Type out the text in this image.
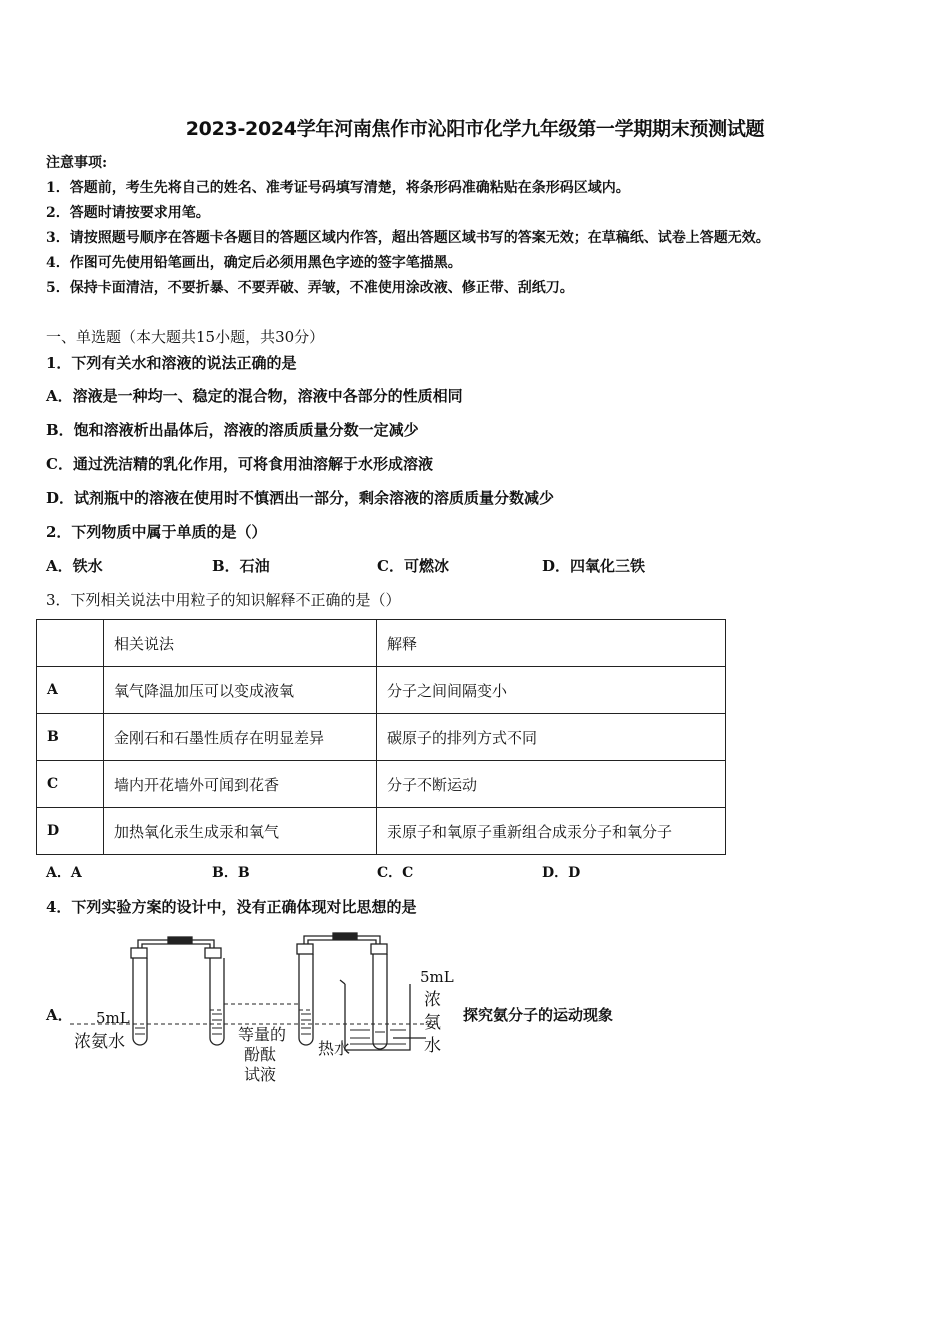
2023-2024学年河南焦作市沁阳市化学九年级第一学期期末预测试题
注意事项:
1．答题前，考生先将自己的姓名、准考证号码填写清楚，将条形码准确粘贴在条形码区域内。
2．答题时请按要求用笔。
3．请按照题号顺序在答题卡各题目的答题区域内作答，超出答题区域书写的答案无效；在草稿纸、试卷上答题无效。
4．作图可先使用铅笔画出，确定后必须用黑色字迹的签字笔描黑。
5．保持卡面清洁，不要折暴、不要弄破、弄皱，不准使用涂改液、修正带、刮纸刀。
一、单选题（本大题共15小题，共30分）
1．下列有关水和溶液的说法正确的是
A．溶液是一种均一、稳定的混合物，溶液中各部分的性质相同
B．饱和溶液析出晶体后，溶液的溶质质量分数一定减少
C．通过洗洁精的乳化作用，可将食用油溶解于水形成溶液
D．试剂瓶中的溶液在使用时不慎洒出一部分，剩余溶液的溶质质量分数减少
2．下列物质中属于单质的是（）
A．铁水	B．石油	C．可燃冰	D．四氧化三铁
3．下列相关说法中用粒子的知识解释不正确的是（）
	相关说法	解释
A	氧气降温加压可以变成液氧	分子之间间隔变小
B	金刚石和石墨性质存在明显差异	碳原子的排列方式不同
C	墙内开花墙外可闻到花香	分子不断运动
D	加热氧化汞生成汞和氧气	汞原子和氧原子重新组合成汞分子和氧分子
A．A	B．B	C．C	D．D
4．下列实验方案的设计中，没有正确体现对比思想的是
A．	探究氨分子的运动现象
5mL
浓氨水	等量的
酚酞
试液
热水
5mL
浓
氨
水
